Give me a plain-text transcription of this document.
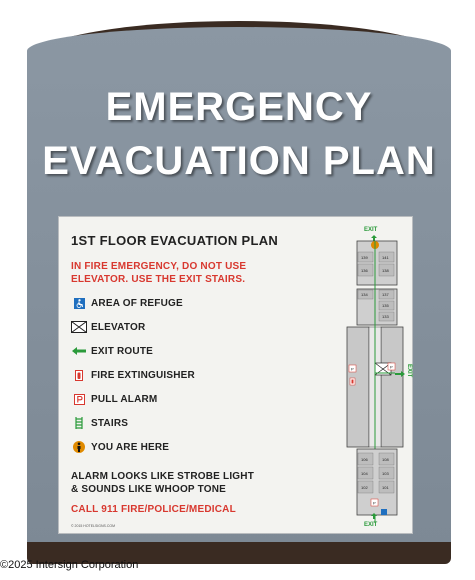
EMERGENCY
EVACUATION PLAN
1ST FLOOR EVACUATION PLAN
IN FIRE EMERGENCY, DO NOT USE
ELEVATOR. USE THE EXIT STAIRS.
AREA OF REFUGE
ELEVATOR
EXIT ROUTE
FIRE EXTINGUISHER
PULL ALARM
STAIRS
YOU ARE HERE
ALARM LOOKS LIKE STROBE LIGHT
& SOUNDS LIKE WHOOP TONE
CALL 911 FIRE/POLICE/MEDICAL
© 2015 HOTELSIGNS.COM
EXIT
139	141
136	138
134	137
135
133
P EXIT
P
106	108
104	103
102	101
P
EXIT
©2025 Intersign Corporation
